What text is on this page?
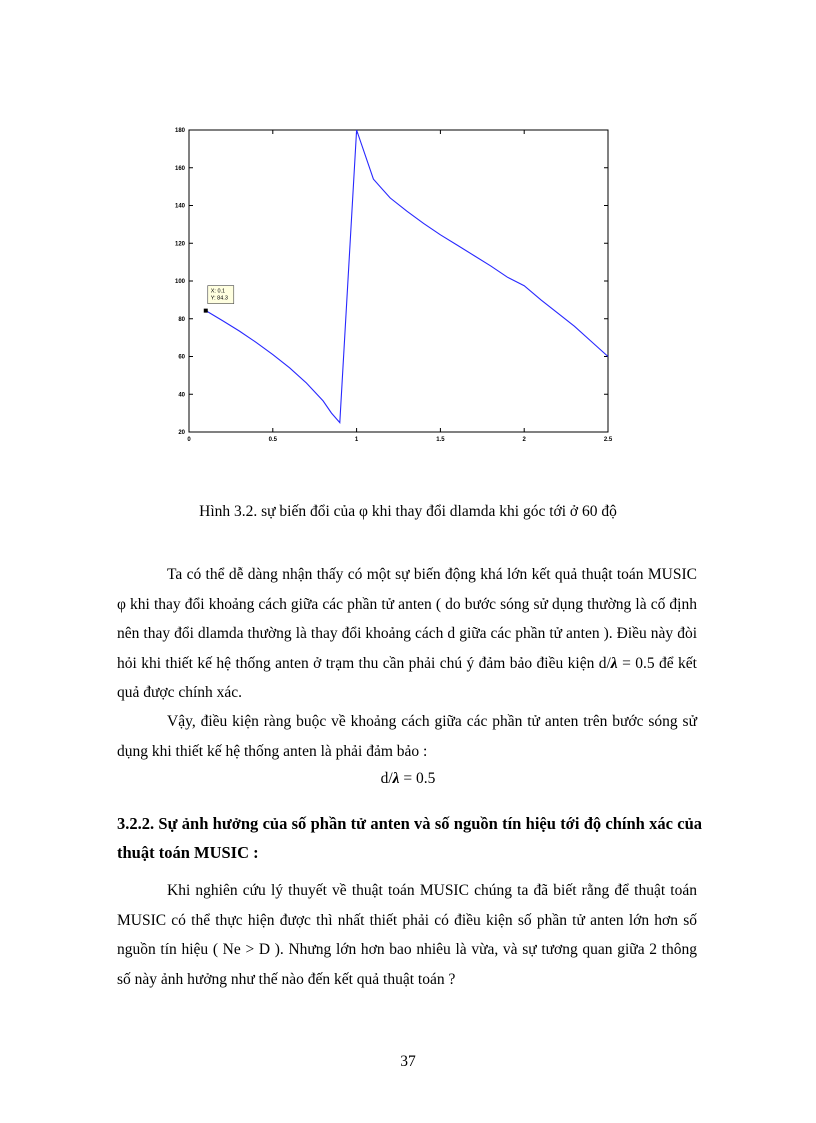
0	0.5	1	1.5	2	2.5
20
40
60
80
100
120
140
160
180
X: 0.1
Y: 84.3

Hình 3.2. sự biến đổi của φ khi thay đổi dlamda khi góc tới ở 60 độ

Ta có thể dễ dàng nhận thấy có một sự biến động khá lớn kết quả thuật toán MUSIC φ khi thay đổi khoảng cách giữa các phần tử anten ( do bước sóng sử dụng thường là cố định nên thay đổi dlamda thường là thay đổi khoảng cách d giữa các phần tử anten ). Điều này đòi hỏi khi thiết kế hệ thống anten ở trạm thu cần phải chú ý đảm bảo điều kiện d/λ = 0.5 để kết quả được chính xác.

Vậy, điều kiện ràng buộc về khoảng cách giữa các phần tử anten trên bước sóng sử dụng khi thiết kế hệ thống anten là phải đảm bảo :

d/λ = 0.5

3.2.2. Sự ảnh hưởng của số phần tử anten và số nguồn tín hiệu tới độ chính xác của thuật toán MUSIC :

Khi nghiên cứu lý thuyết về thuật toán MUSIC chúng ta đã biết rằng để thuật toán MUSIC có thể thực hiện được thì nhất thiết phải có điều kiện số phần tử anten lớn hơn số nguồn tín hiệu ( Ne > D ). Nhưng lớn hơn bao nhiêu là vừa, và sự tương quan giữa 2 thông số này ảnh hưởng như thế nào đến kết quả thuật toán ?

37
